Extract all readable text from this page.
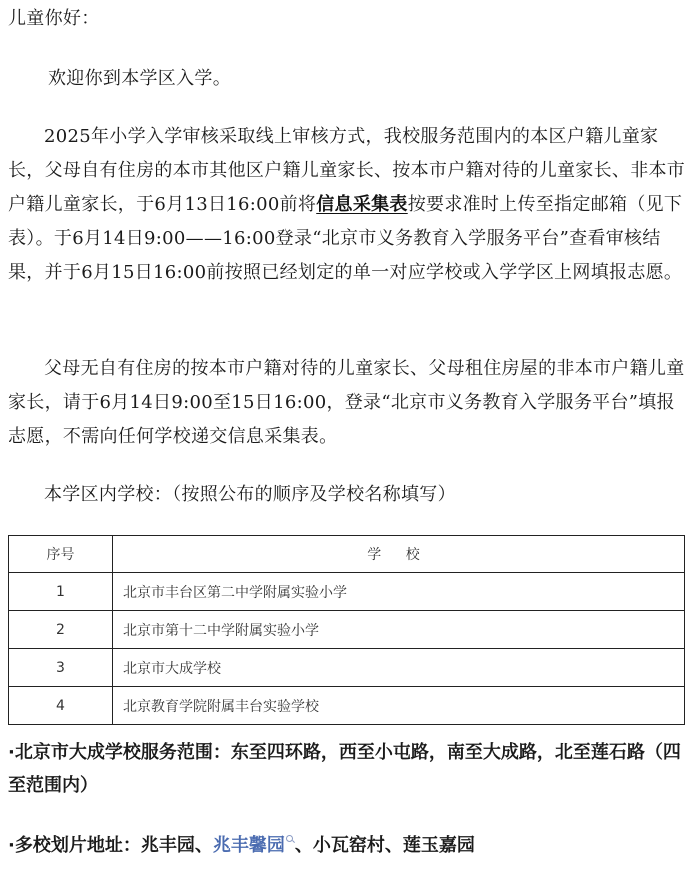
儿童你好：
欢迎你到本学区入学。
2025年小学入学审核采取线上审核方式，我校服务范围内的本区户籍儿童家长，父母自有住房的本市其他区户籍儿童家长、按本市户籍对待的儿童家长、非本市户籍儿童家长，于6月13日16:00前将信息采集表按要求准时上传至指定邮箱（见下表）。于6月14日9:00——16:00登录“北京市义务教育入学服务平台”查看审核结果，并于6月15日16:00前按照已经划定的单一对应学校或入学学区上网填报志愿。
父母无自有住房的按本市户籍对待的儿童家长、父母租住房屋的非本市户籍儿童家长，请于6月14日9:00至15日16:00，登录“北京市义务教育入学服务平台”填报志愿，不需向任何学校递交信息采集表。
本学区内学校：（按照公布的顺序及学校名称填写）
序号	学 校
1	北京市丰台区第二中学附属实验小学
2	北京市第十二中学附属实验小学
3	北京市大成学校
4	北京教育学院附属丰台实验学校
·北京市大成学校服务范围：东至四环路，西至小屯路，南至大成路，北至莲石路（四至范围内）
·多校划片地址：兆丰园、兆丰馨园 、小瓦窑村、莲玉嘉园
